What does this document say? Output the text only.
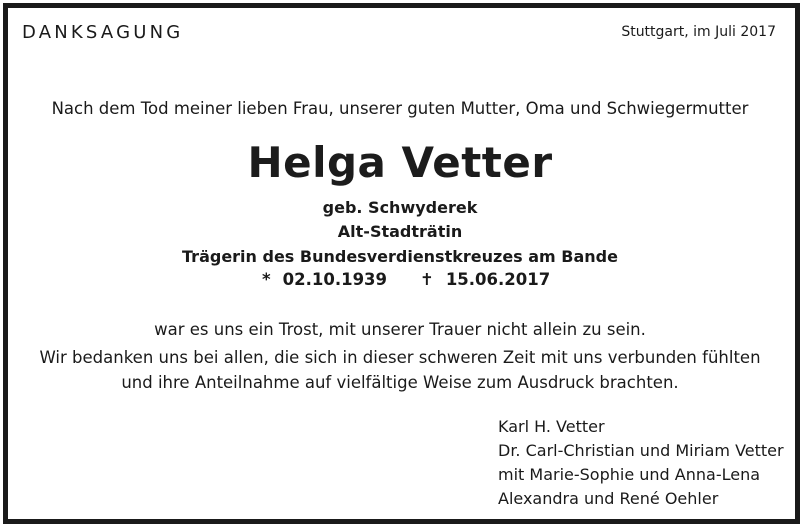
DANKSAGUNG	Stuttgart, im Juli 2017
Nach dem Tod meiner lieben Frau, unserer guten Mutter, Oma und Schwiegermutter
Helga Vetter
geb. Schwyderek
Alt-Stadträtin
Trägerin des Bundesverdienstkreuzes am Bande
* 02.10.1939 ✝ 15.06.2017
war es uns ein Trost, mit unserer Trauer nicht allein zu sein.
Wir bedanken uns bei allen, die sich in dieser schweren Zeit mit uns verbunden fühlten
und ihre Anteilnahme auf vielfältige Weise zum Ausdruck brachten.
Karl H. Vetter
Dr. Carl-Christian und Miriam Vetter
mit Marie-Sophie und Anna-Lena
Alexandra und René Oehler
